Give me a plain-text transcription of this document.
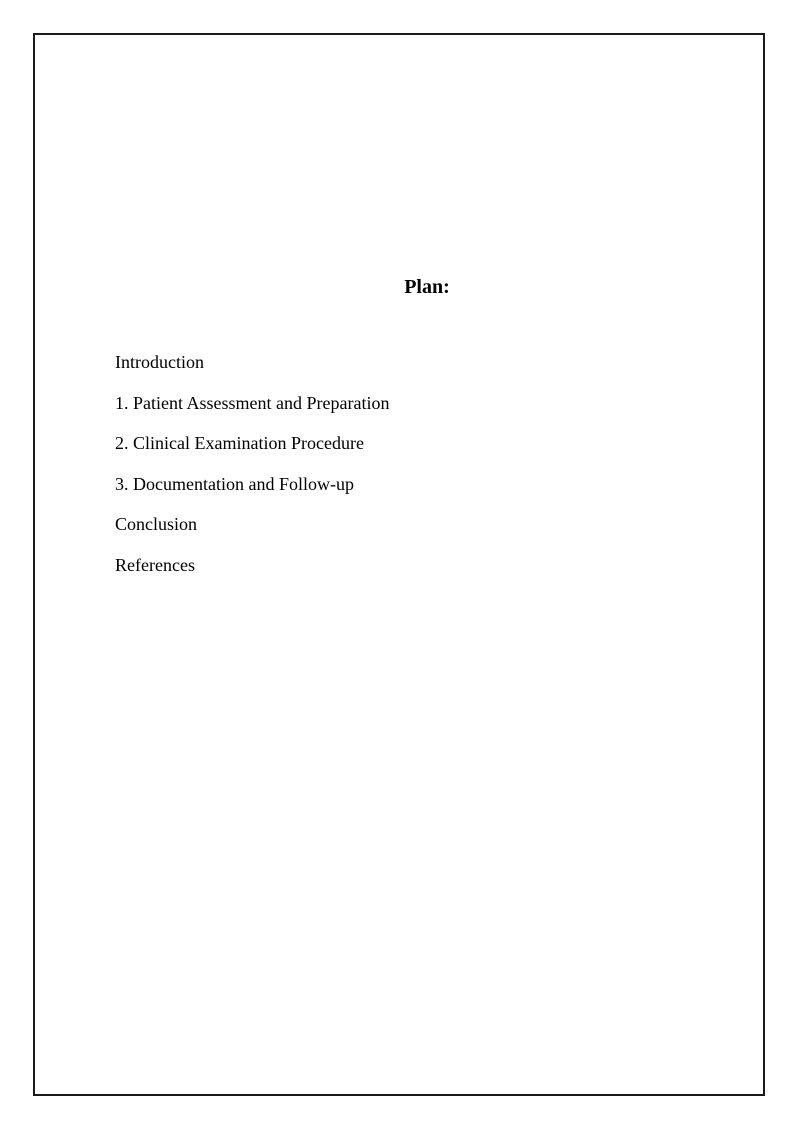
Plan:
Introduction
1. Patient Assessment and Preparation
2. Clinical Examination Procedure
3. Documentation and Follow-up
Conclusion
References
